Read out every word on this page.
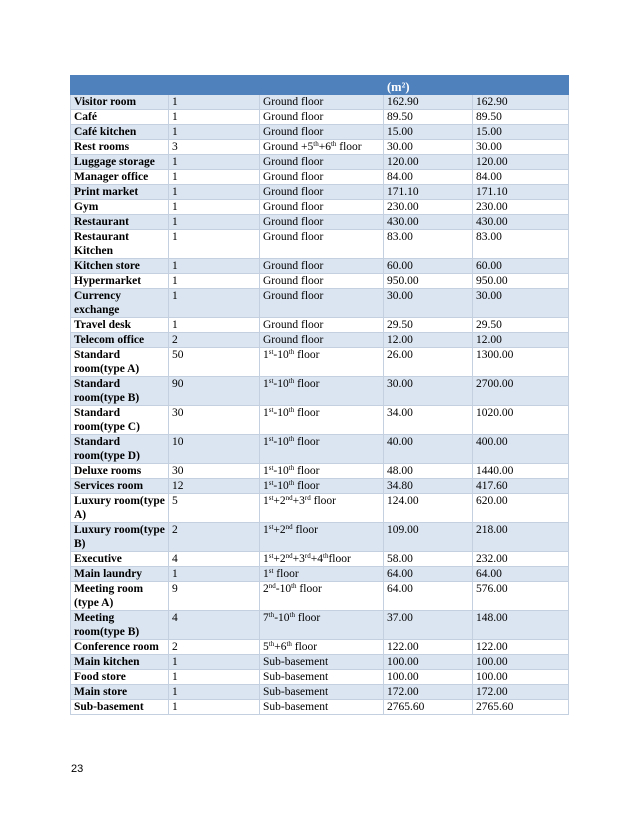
			(m²)	
Visitor room	1	Ground floor	162.90	162.90
Café	1	Ground floor	89.50	89.50
Café kitchen	1	Ground floor	15.00	15.00
Rest rooms	3	Ground +5th+6th floor	30.00	30.00
Luggage storage	1	Ground floor	120.00	120.00
Manager office	1	Ground floor	84.00	84.00
Print market	1	Ground floor	171.10	171.10
Gym	1	Ground floor	230.00	230.00
Restaurant	1	Ground floor	430.00	430.00
Restaurant Kitchen	1	Ground floor	83.00	83.00
Kitchen store	1	Ground floor	60.00	60.00
Hypermarket	1	Ground floor	950.00	950.00
Currency exchange	1	Ground floor	30.00	30.00
Travel desk	1	Ground floor	29.50	29.50
Telecom office	2	Ground floor	12.00	12.00
Standard room(type A)	50	1st-10th floor	26.00	1300.00
Standard room(type B)	90	1st-10th floor	30.00	2700.00
Standard room(type C)	30	1st-10th floor	34.00	1020.00
Standard room(type D)	10	1st-10th floor	40.00	400.00
Deluxe rooms	30	1st-10th floor	48.00	1440.00
Services room	12	1st-10th floor	34.80	417.60
Luxury room(type A)	5	1st+2nd+3rd floor	124.00	620.00
Luxury room(type B)	2	1st+2nd floor	109.00	218.00
Executive	4	1st+2nd+3rd+4thfloor	58.00	232.00
Main laundry	1	1st floor	64.00	64.00
Meeting room (type A)	9	2nd-10th floor	64.00	576.00
Meeting room(type B)	4	7th-10th floor	37.00	148.00
Conference room	2	5th+6th floor	122.00	122.00
Main kitchen	1	Sub-basement	100.00	100.00
Food store	1	Sub-basement	100.00	100.00
Main store	1	Sub-basement	172.00	172.00
Sub-basement	1	Sub-basement	2765.60	2765.60
23
